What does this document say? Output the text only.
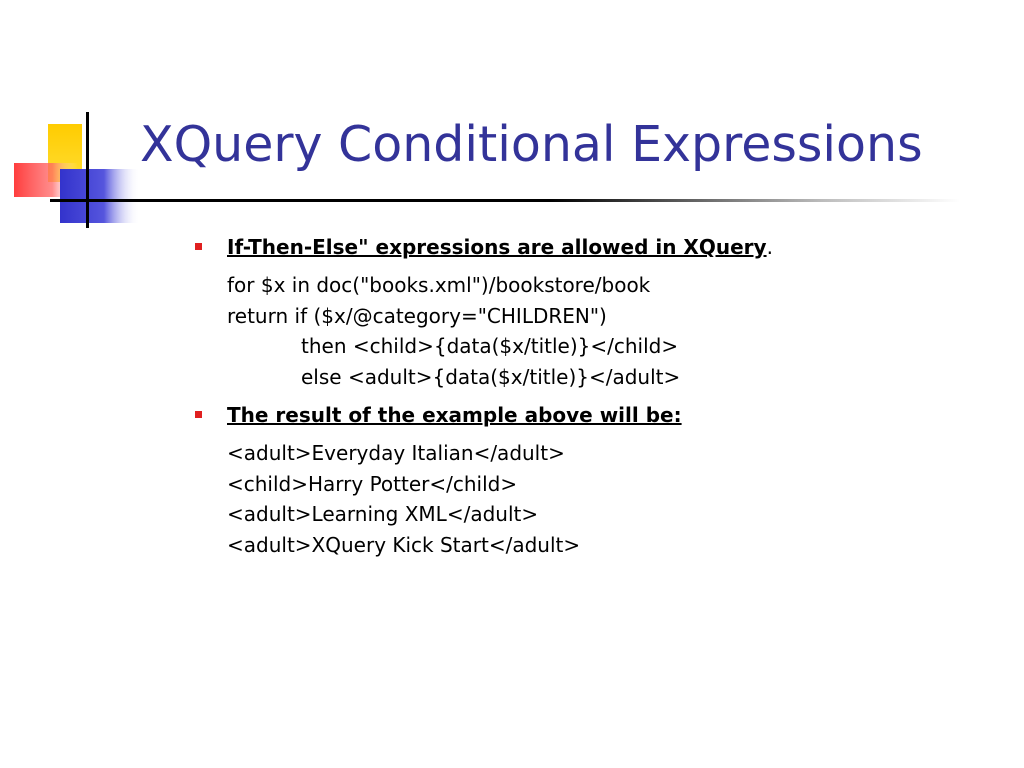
XQuery Conditional Expressions
If-Then-Else" expressions are allowed in XQuery.
for $x in doc("books.xml")/bookstore/book
return if ($x/@category="CHILDREN")
then <child>{data($x/title)}</child>
else <adult>{data($x/title)}</adult>
The result of the example above will be:
<adult>Everyday Italian</adult>
<child>Harry Potter</child>
<adult>Learning XML</adult>
<adult>XQuery Kick Start</adult>
